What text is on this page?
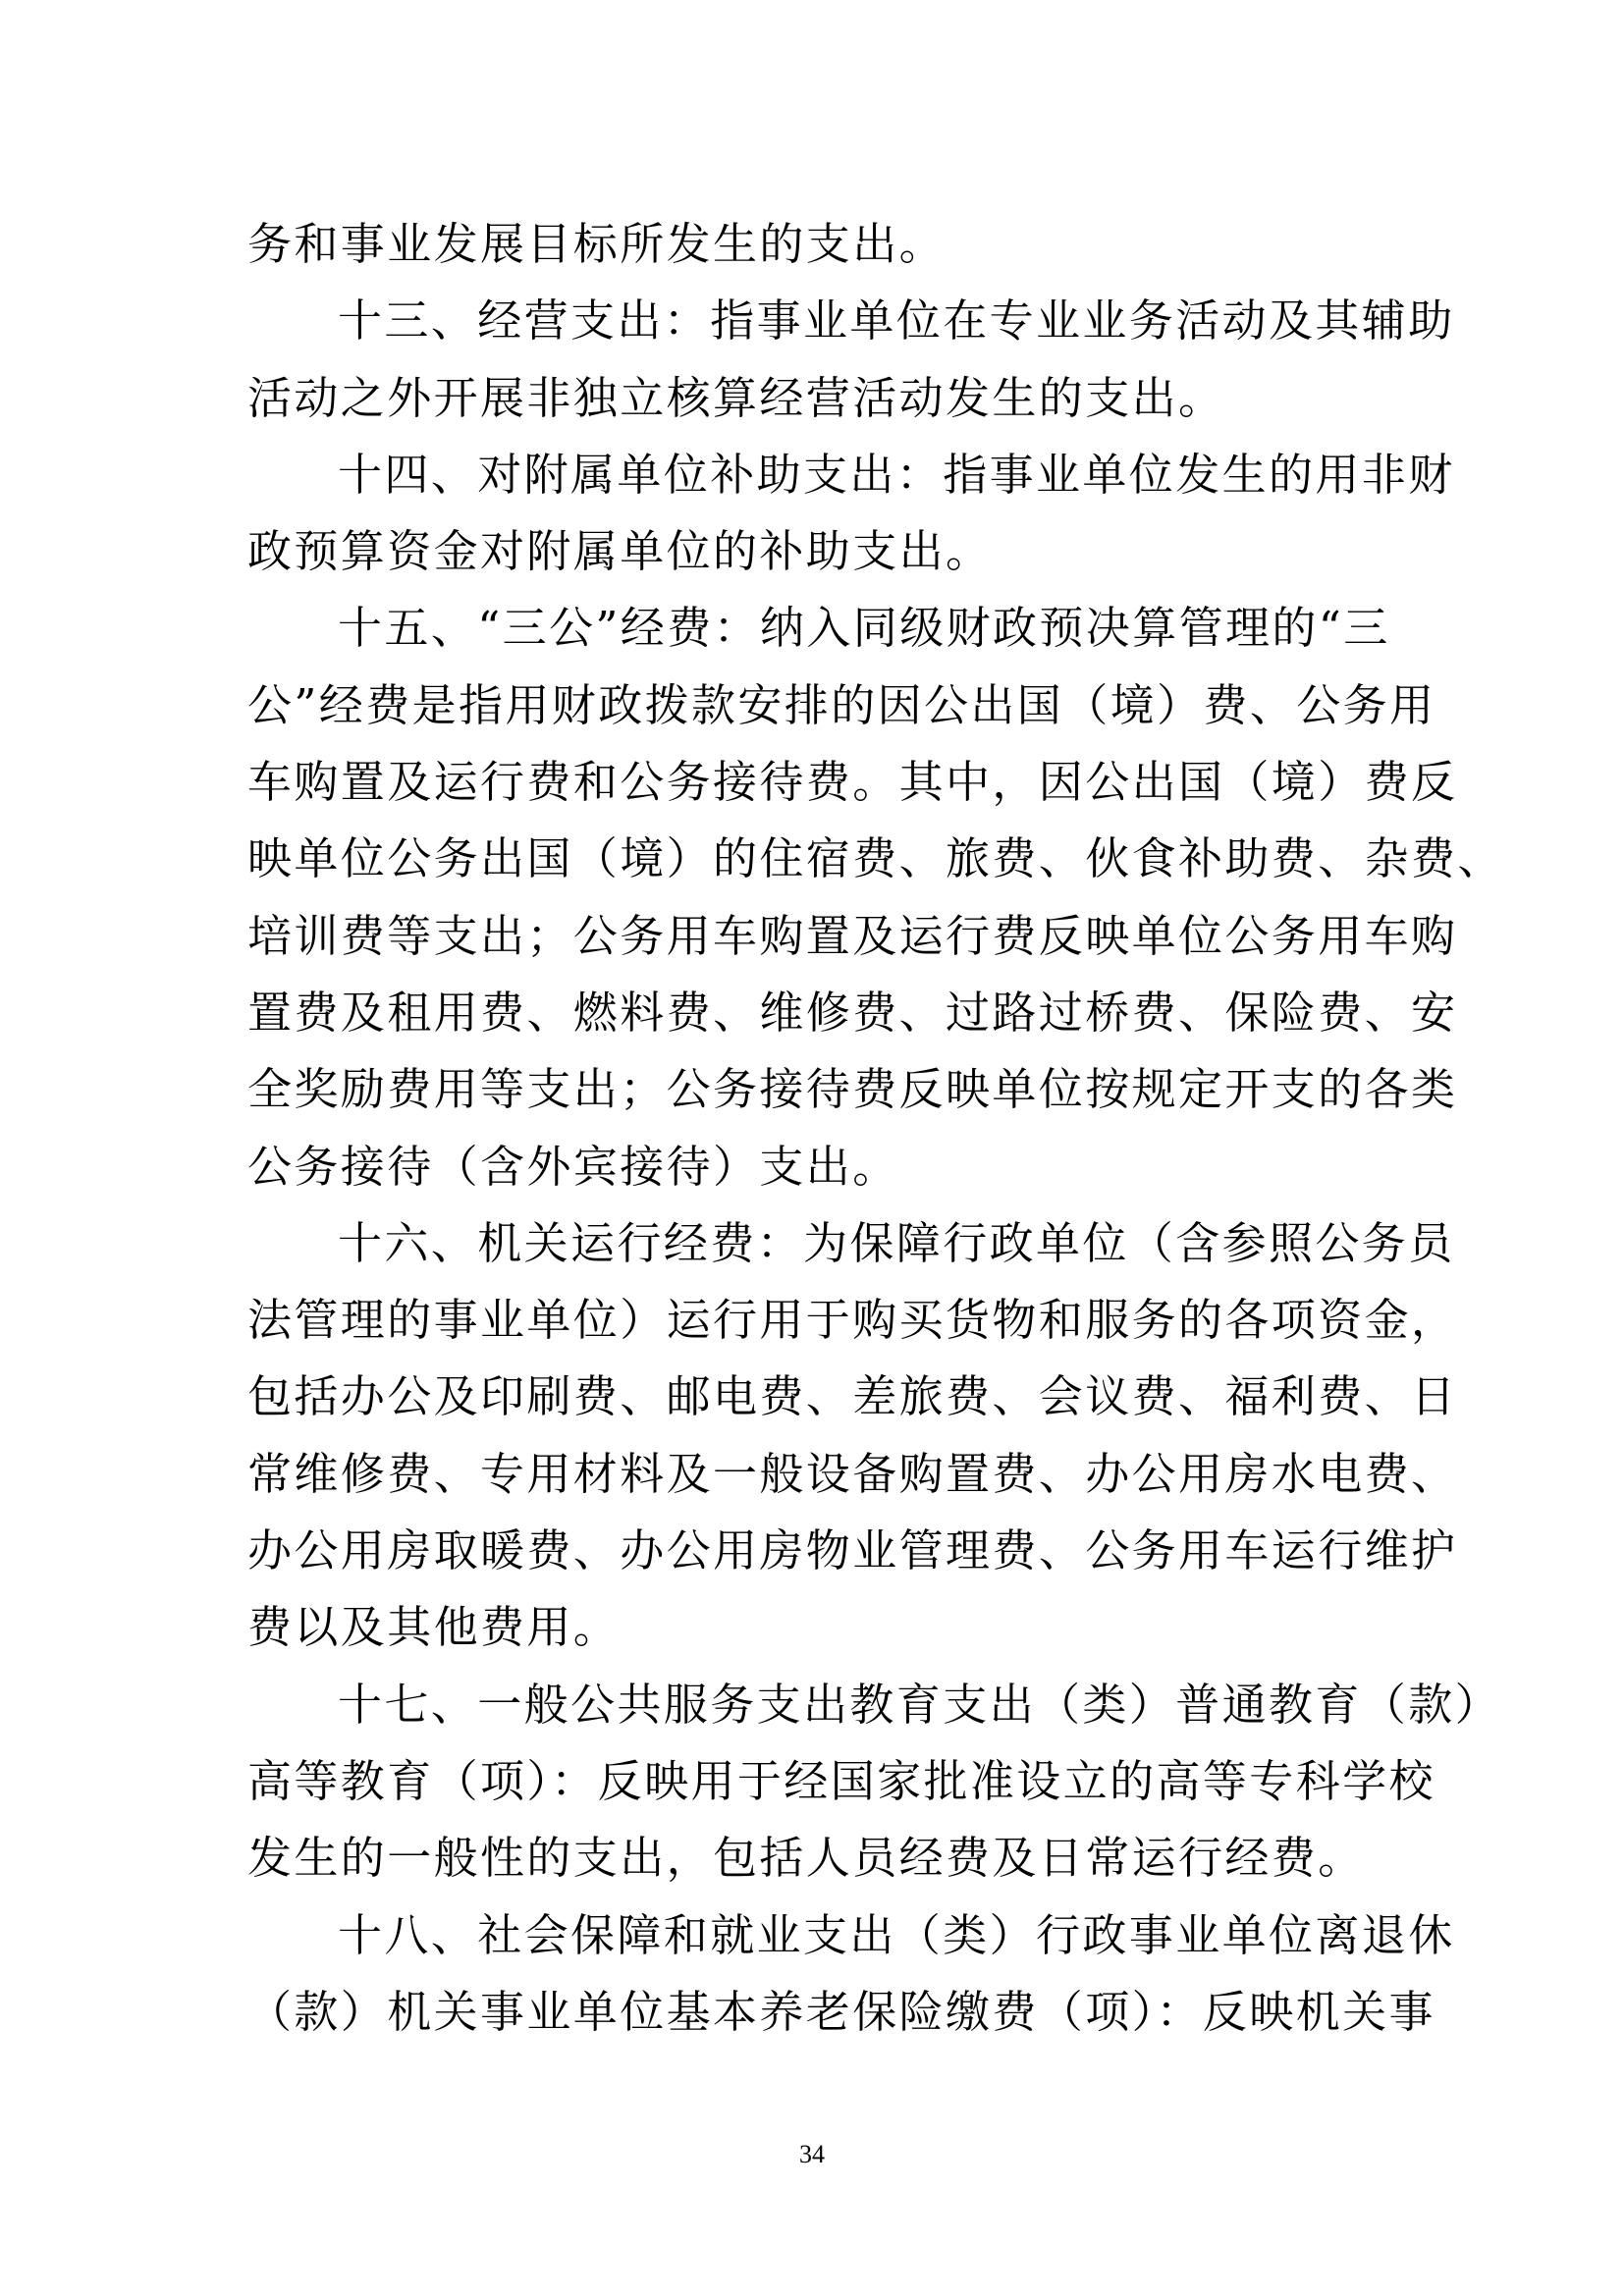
务和事业发展目标所发生的支出。
十三、经营支出：指事业单位在专业业务活动及其辅助
活动之外开展非独立核算经营活动发生的支出。
十四、对附属单位补助支出：指事业单位发生的用非财
政预算资金对附属单位的补助支出。
十五、“三公”经费：纳入同级财政预决算管理的“三
公”经费是指用财政拨款安排的因公出国（境）费、公务用
车购置及运行费和公务接待费。其中，因公出国（境）费反
映单位公务出国（境）的住宿费、旅费、伙食补助费、杂费、
培训费等支出；公务用车购置及运行费反映单位公务用车购
置费及租用费、燃料费、维修费、过路过桥费、保险费、安
全奖励费用等支出；公务接待费反映单位按规定开支的各类
公务接待（含外宾接待）支出。
十六、机关运行经费：为保障行政单位（含参照公务员
法管理的事业单位）运行用于购买货物和服务的各项资金，
包括办公及印刷费、邮电费、差旅费、会议费、福利费、日
常维修费、专用材料及一般设备购置费、办公用房水电费、
办公用房取暖费、办公用房物业管理费、公务用车运行维护
费以及其他费用。
十七、一般公共服务支出教育支出（类）普通教育（款）
高等教育（项）：反映用于经国家批准设立的高等专科学校
发生的一般性的支出，包括人员经费及日常运行经费。
十八、社会保障和就业支出（类）行政事业单位离退休
（款）机关事业单位基本养老保险缴费（项）：反映机关事
34
